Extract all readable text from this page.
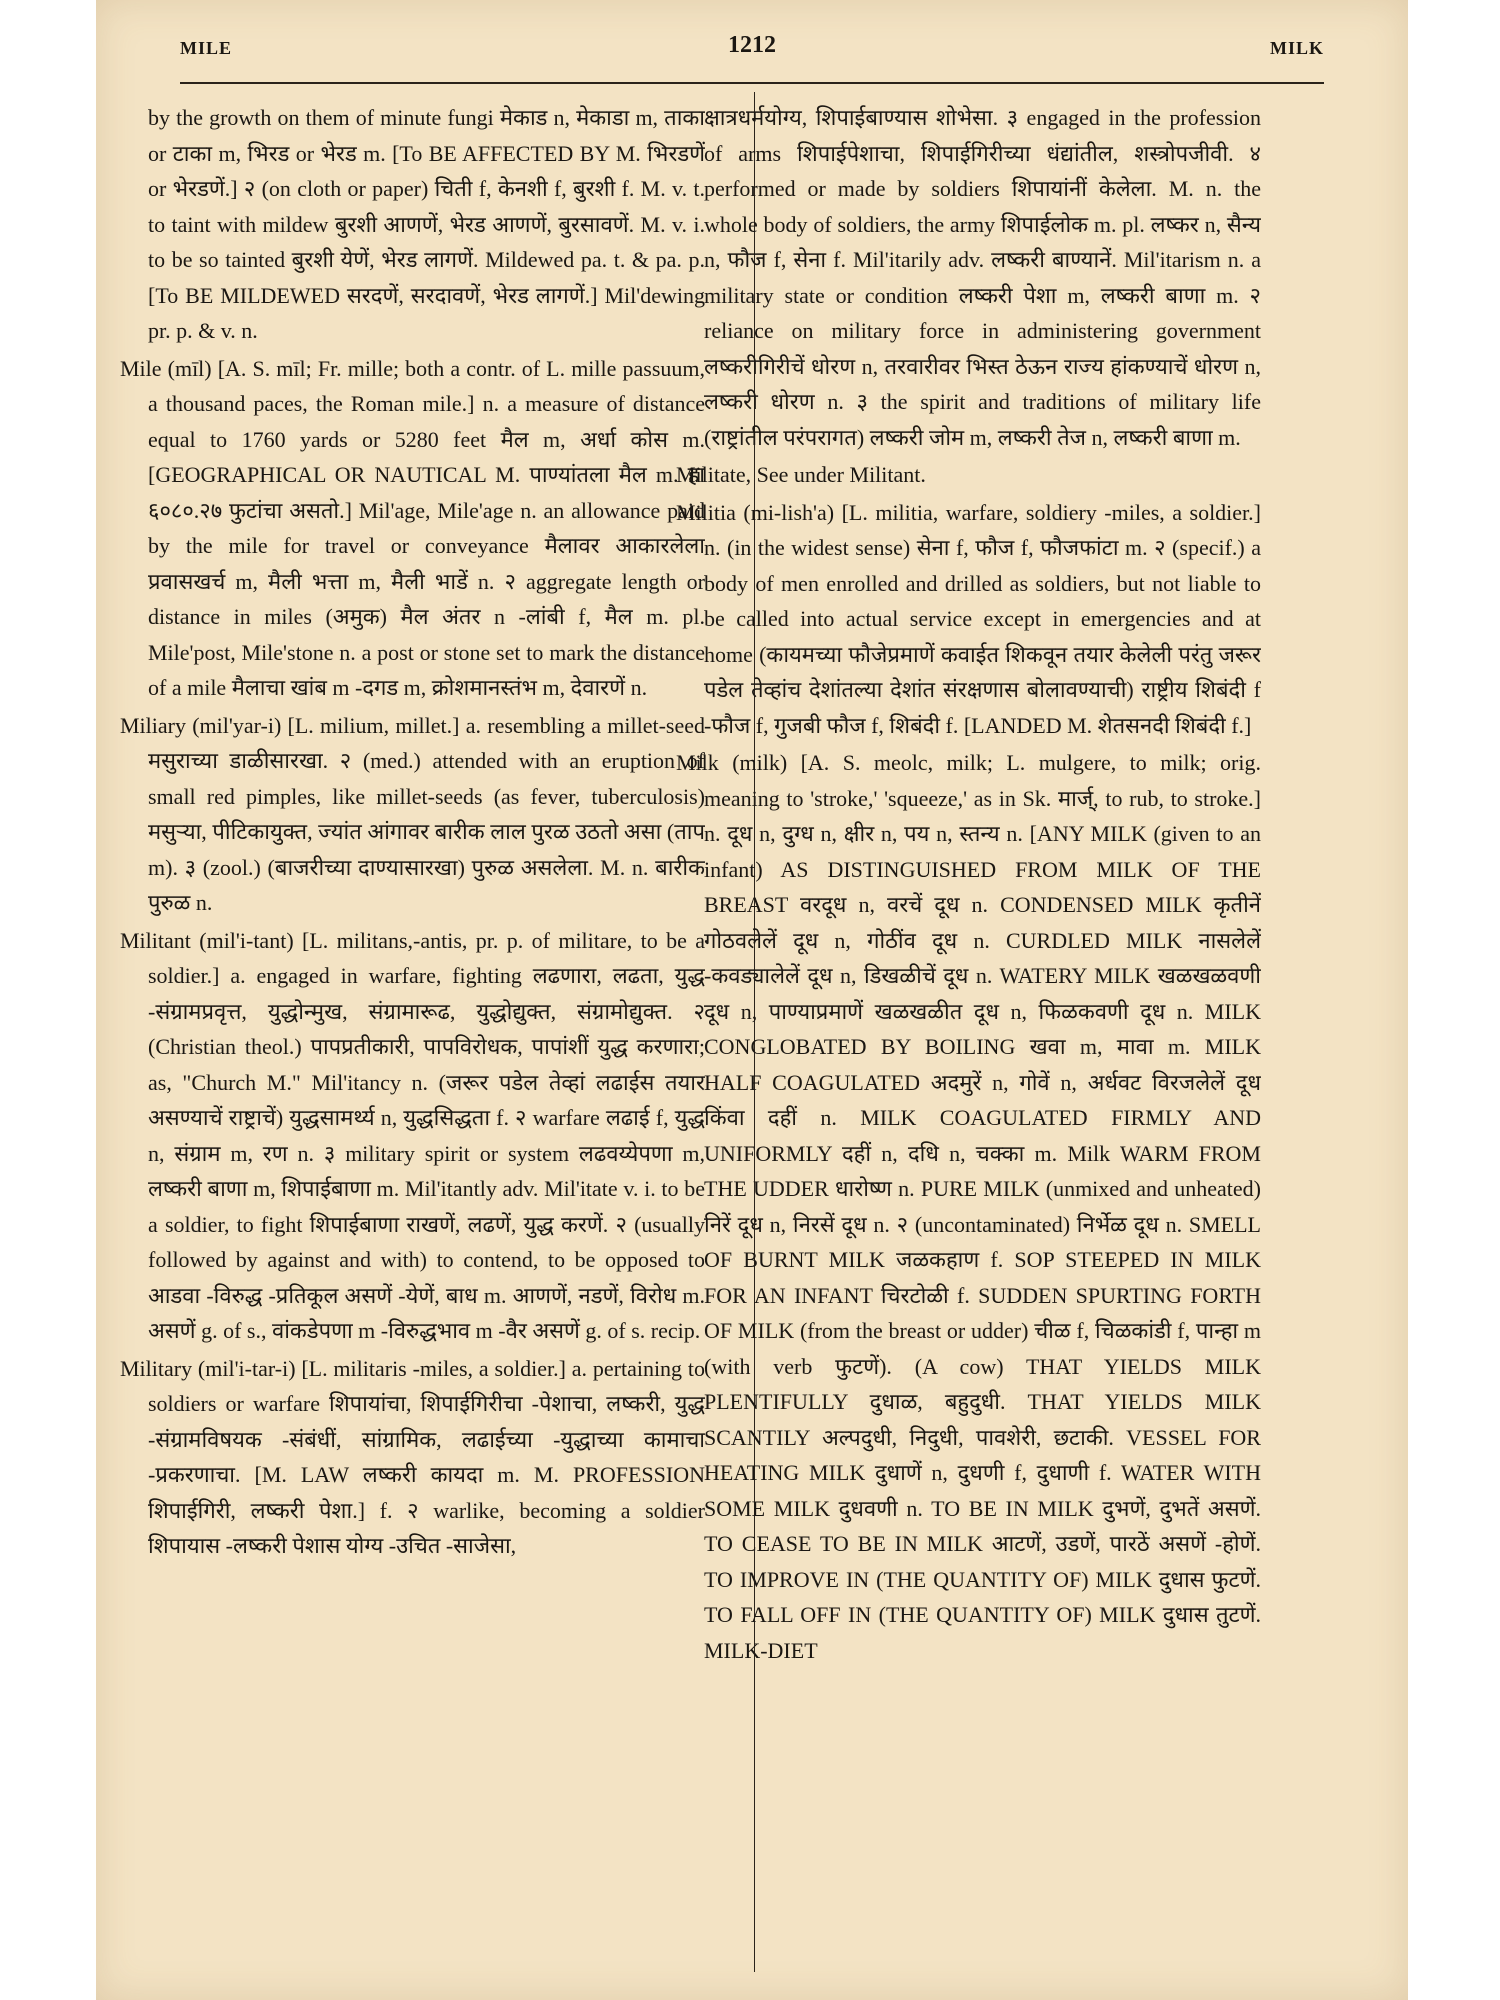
MILE	1212	MILK

by the growth on them of minute fungi मेकाड n, मेकाडा m, ताका or टाका m, भिरड or भेरड m. [To BE AFFECTED BY M. भिरडणें or भेरडणें.] २ (on cloth or paper) चिती f, केनशी f, बुरशी f. M. v. t. to taint with mildew बुरशी आणणें, भेरड आणणें, बुरसावणें. M. v. i. to be so tainted बुरशी येणें, भेरड लागणें. Mildewed pa. t. & pa. p. [To BE MILDEWED सरदणें, सरदावणें, भेरड लागणें.] Mil'dewing pr. p. & v. n.

Mile (mīl) [A. S. mīl; Fr. mille; both a contr. of L. mille passuum, a thousand paces, the Roman mile.] n. a measure of distance equal to 1760 yards or 5280 feet मैल m, अर्धा कोस m. [GEOGRAPHICAL OR NAUTICAL M. पाण्यांतला मैल m. हा ६०८०.२७ फुटांचा असतो.] Mil'age, Mile'age n. an allowance paid by the mile for travel or conveyance मैलावर आकारलेला प्रवासखर्च m, मैली भत्ता m, मैली भाडें n. २ aggregate length or distance in miles (अमुक) मैल अंतर n -लांबी f, मैल m. pl. Mile'post, Mile'stone n. a post or stone set to mark the distance of a mile मैलाचा खांब m -दगड m, क्रोशमानस्तंभ m, देवारणें n.

Miliary (mil'yar-i) [L. milium, millet.] a. resembling a millet-seed मसुराच्या डाळीसारखा. २ (med.) attended with an eruption of small red pimples, like millet-seeds (as fever, tuberculosis) मसुऱ्या, पीटिकायुक्त, ज्यांत आंगावर बारीक लाल पुरळ उठतो असा (ताप m). ३ (zool.) (बाजरीच्या दाण्यासारखा) पुरुळ असलेला. M. n. बारीक पुरुळ n.

Militant (mil'i-tant) [L. militans,-antis, pr. p. of militare, to be a soldier.] a. engaged in warfare, fighting लढणारा, लढता, युद्ध -संग्रामप्रवृत्त, युद्धोन्मुख, संग्रामारूढ, युद्धोद्युक्त, संग्रामोद्युक्त. २ (Christian theol.) पापप्रतीकारी, पापविरोधक, पापांशीं युद्ध करणारा; as, "Church M." Mil'itancy n. (जरूर पडेल तेव्हां लढाईस तयार असण्याचें राष्ट्राचें) युद्धसामर्थ्य n, युद्धसिद्धता f. २ warfare लढाई f, युद्ध n, संग्राम m, रण n. ३ military spirit or system लढवय्येपणा m, लष्करी बाणा m, शिपाईबाणा m. Mil'itantly adv. Mil'itate v. i. to be a soldier, to fight शिपाईबाणा राखणें, लढणें, युद्ध करणें. २ (usually followed by against and with) to contend, to be opposed to आडवा -विरुद्ध -प्रतिकूल असणें -येणें, बाध m. आणणें, नडणें, विरोध m. असणें g. of s., वांकडेपणा m -विरुद्धभाव m -वैर असणें g. of s. recip.

Military (mil'i-tar-i) [L. militaris -miles, a soldier.] a. pertaining to soldiers or warfare शिपायांचा, शिपाईगिरीचा -पेशाचा, लष्करी, युद्ध -संग्रामविषयक -संबंधीं, सांग्रामिक, लढाईच्या -युद्धाच्या कामाचा -प्रकरणाचा. [M. LAW लष्करी कायदा m. M. PROFESSION शिपाईगिरी, लष्करी पेशा.] f. २ warlike, becoming a soldier शिपायास -लष्करी पेशास योग्य -उचित -साजेसा,

क्षात्रधर्मयोग्य, शिपाईबाण्यास शोभेसा. ३ engaged in the profession of arms शिपाईपेशाचा, शिपाईगिरीच्या धंद्यांतील, शस्त्रोपजीवी. ४ performed or made by soldiers शिपायांनीं केलेला. M. n. the whole body of soldiers, the army शिपाईलोक m. pl. लष्कर n, सैन्य n, फौज f, सेना f. Mil'itarily adv. लष्करी बाण्यानें. Mil'itarism n. a military state or condition लष्करी पेशा m, लष्करी बाणा m. २ reliance on military force in administering government लष्करीगिरीचें धोरण n, तरवारीवर भिस्त ठेऊन राज्य हांकण्याचें धोरण n, लष्करी धोरण n. ३ the spirit and traditions of military life (राष्ट्रांतील परंपरागत) लष्करी जोम m, लष्करी तेज n, लष्करी बाणा m.

Militate, See under Militant.

Militia (mi-lish'a) [L. militia, warfare, soldiery -miles, a soldier.] n. (in the widest sense) सेना f, फौज f, फौजफांटा m. २ (specif.) a body of men enrolled and drilled as soldiers, but not liable to be called into actual service except in emergencies and at home (कायमच्या फौजेप्रमाणें कवाईत शिकवून तयार केलेली परंतु जरूर पडेल तेव्हांच देशांतल्या देशांत संरक्षणास बोलावण्याची) राष्ट्रीय शिबंदी f -फौज f, गुजबी फौज f, शिबंदी f. [LANDED M. शेतसनदी शिबंदी f.]

Milk (milk) [A. S. meolc, milk; L. mulgere, to milk; orig. meaning to 'stroke,' 'squeeze,' as in Sk. मार्ज्, to rub, to stroke.] n. दूध n, दुग्ध n, क्षीर n, पय n, स्तन्य n. [ANY MILK (given to an infant) AS DISTINGUISHED FROM MILK OF THE BREAST वरदूध n, वरचें दूध n. CONDENSED MILK कृतीनें गोठवलेलें दूध n, गोठींव दूध n. CURDLED MILK नासलेलें -कवड्यालेलें दूध n, डिखळीचें दूध n. WATERY MILK खळखळवणी दूध n, पाण्याप्रमाणें खळखळीत दूध n, फिळकवणी दूध n. MILK CONGLOBATED BY BOILING खवा m, मावा m. MILK HALF COAGULATED अदमुरें n, गोवें n, अर्धवट विरजलेलें दूध किंवा दहीं n. MILK COAGULATED FIRMLY AND UNIFORMLY दहीं n, दधि n, चक्का m. Milk WARM FROM THE UDDER धारोष्ण n. PURE MILK (unmixed and unheated) निरें दूध n, निरसें दूध n. २ (uncontaminated) निर्भेळ दूध n. SMELL OF BURNT MILK जळकहाण f. SOP STEEPED IN MILK FOR AN INFANT चिरटोळी f. SUDDEN SPURTING FORTH OF MILK (from the breast or udder) चीळ f, चिळकांडी f, पान्हा m (with verb फुटणें). (A cow) THAT YIELDS MILK PLENTIFULLY दुधाळ, बहुदुधी. THAT YIELDS MILK SCANTILY अल्पदुधी, निदुधी, पावशेरी, छटाकी. VESSEL FOR HEATING MILK दुधाणें n, दुधणी f, दुधाणी f. WATER WITH SOME MILK दुधवणी n. TO BE IN MILK दुभणें, दुभतें असणें. TO CEASE TO BE IN MILK आटणें, उडणें, पारठें असणें -होणें. TO IMPROVE IN (THE QUANTITY OF) MILK दुधास फुटणें. TO FALL OFF IN (THE QUANTITY OF) MILK दुधास तुटणें. MILK-DIET
